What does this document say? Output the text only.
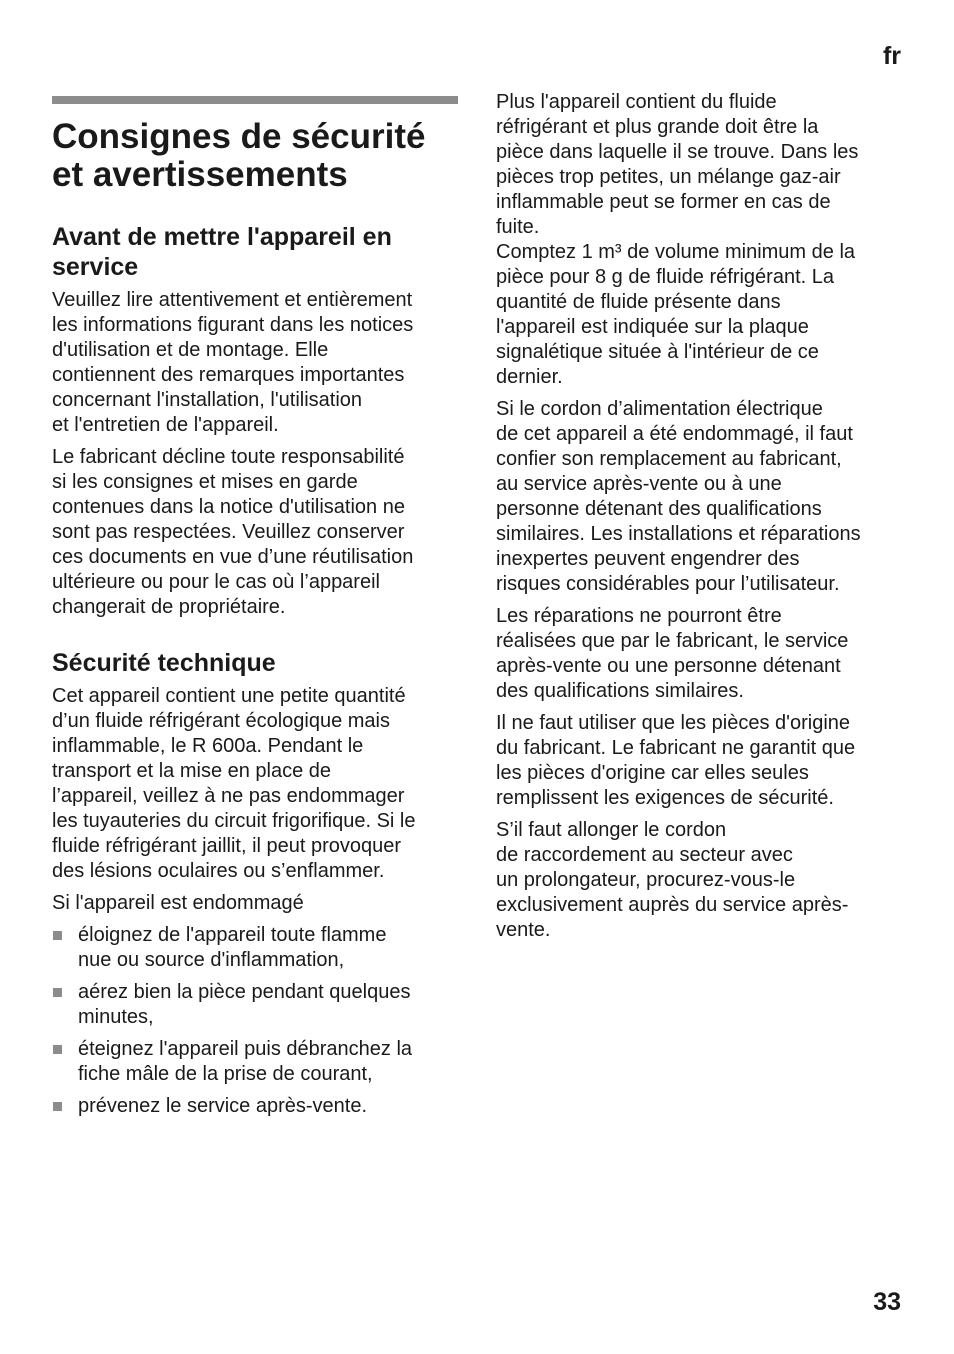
fr
Consignes de sécurité
et avertissements
Avant de mettre l'appareil en
service

Veuillez lire attentivement et entièrement
les informations figurant dans les notices
d'utilisation et de montage. Elle
contiennent des remarques importantes
concernant l'installation, l'utilisation
et l'entretien de l'appareil.

Le fabricant décline toute responsabilité
si les consignes et mises en garde
contenues dans la notice d'utilisation ne
sont pas respectées. Veuillez conserver
ces documents en vue d’une réutilisation
ultérieure ou pour le cas où l’appareil
changerait de propriétaire.

Sécurité technique

Cet appareil contient une petite quantité
d’un fluide réfrigérant écologique mais
inflammable, le R 600a. Pendant le
transport et la mise en place de
l’appareil, veillez à ne pas endommager
les tuyauteries du circuit frigorifique. Si le
fluide réfrigérant jaillit, il peut provoquer
des lésions oculaires ou s’enflammer.

Si l'appareil est endommagé

éloignez de l'appareil toute flamme
nue ou source d'inflammation,
aérez bien la pièce pendant quelques
minutes,
éteignez l'appareil puis débranchez la
fiche mâle de la prise de courant,
prévenez le service après-vente.

Plus l'appareil contient du fluide
réfrigérant et plus grande doit être la
pièce dans laquelle il se trouve. Dans les
pièces trop petites, un mélange gaz-air
inflammable peut se former en cas de
fuite.

Comptez 1 m³ de volume minimum de la
pièce pour 8 g de fluide réfrigérant. La
quantité de fluide présente dans
l'appareil est indiquée sur la plaque
signalétique située à l'intérieur de ce
dernier.

Si le cordon d’alimentation électrique
de cet appareil a été endommagé, il faut
confier son remplacement au fabricant,
au service après-vente ou à une
personne détenant des qualifications
similaires. Les installations et réparations
inexpertes peuvent engendrer des
risques considérables pour l’utilisateur.

Les réparations ne pourront être
réalisées que par le fabricant, le service
après-vente ou une personne détenant
des qualifications similaires.

Il ne faut utiliser que les pièces d'origine
du fabricant. Le fabricant ne garantit que
les pièces d'origine car elles seules
remplissent les exigences de sécurité.

S’il faut allonger le cordon
de raccordement au secteur avec
un prolongateur, procurez-vous-le
exclusivement auprès du service après-
vente.

33
